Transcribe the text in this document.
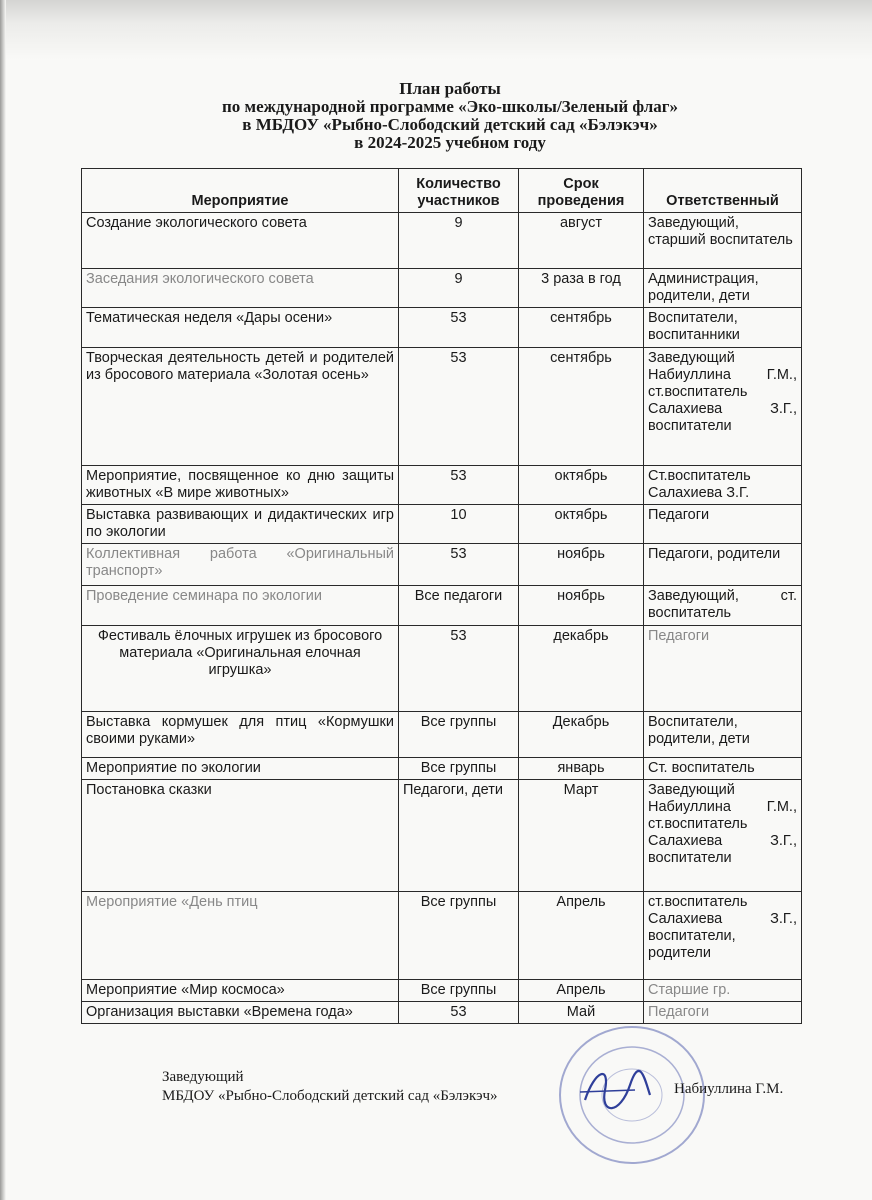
План работы
по международной программе «Эко-школы/Зеленый флаг»
в МБДОУ «Рыбно-Слободский детский сад «Бэлэкэч»
в 2024-2025 учебном году
Мероприятие	Количество участников	Срок проведения	Ответственный
Создание экологического совета	9	август	Заведующий, старший воспитатель
Заседания экологического совета	9	3 раза в год	Администрация, родители, дети
Тематическая неделя «Дары осени»	53	сентябрь	Воспитатели, воспитанники
Творческая деятельность детей и родителей из бросового материала «Золотая осень»	53	сентябрь	Заведующий Набиуллина Г.М., ст.воспитатель Салахиева З.Г., воспитатели
Мероприятие, посвященное ко дню защиты животных «В мире животных»	53	октябрь	Ст.воспитатель Салахиева З.Г.
Выставка развивающих и дидактических игр по экологии	10	октябрь	Педагоги
Коллективная работа «Оригинальный транспорт»	53	ноябрь	Педагоги, родители
Проведение семинара по экологии	Все педагоги	ноябрь	Заведующий, ст. воспитатель
Фестиваль ёлочных игрушек из бросового материала «Оригинальная елочная игрушка»	53	декабрь	Педагоги
Выставка кормушек для птиц «Кормушки своими руками»	Все группы	Декабрь	Воспитатели, родители, дети
Мероприятие по экологии	Все группы	январь	Ст. воспитатель
Постановка сказки	Педагоги, дети	Март	Заведующий Набиуллина Г.М., ст.воспитатель Салахиева З.Г., воспитатели
Мероприятие «День птиц	Все группы	Апрель	ст.воспитатель Салахиева З.Г., воспитатели, родители
Мероприятие «Мир космоса»	Все группы	Апрель	Старшие гр.
Организация выставки «Времена года»	53	Май	Педагоги
Заведующий
МБДОУ «Рыбно-Слободский детский сад «Бэлэкэч»	Набиуллина Г.М.
